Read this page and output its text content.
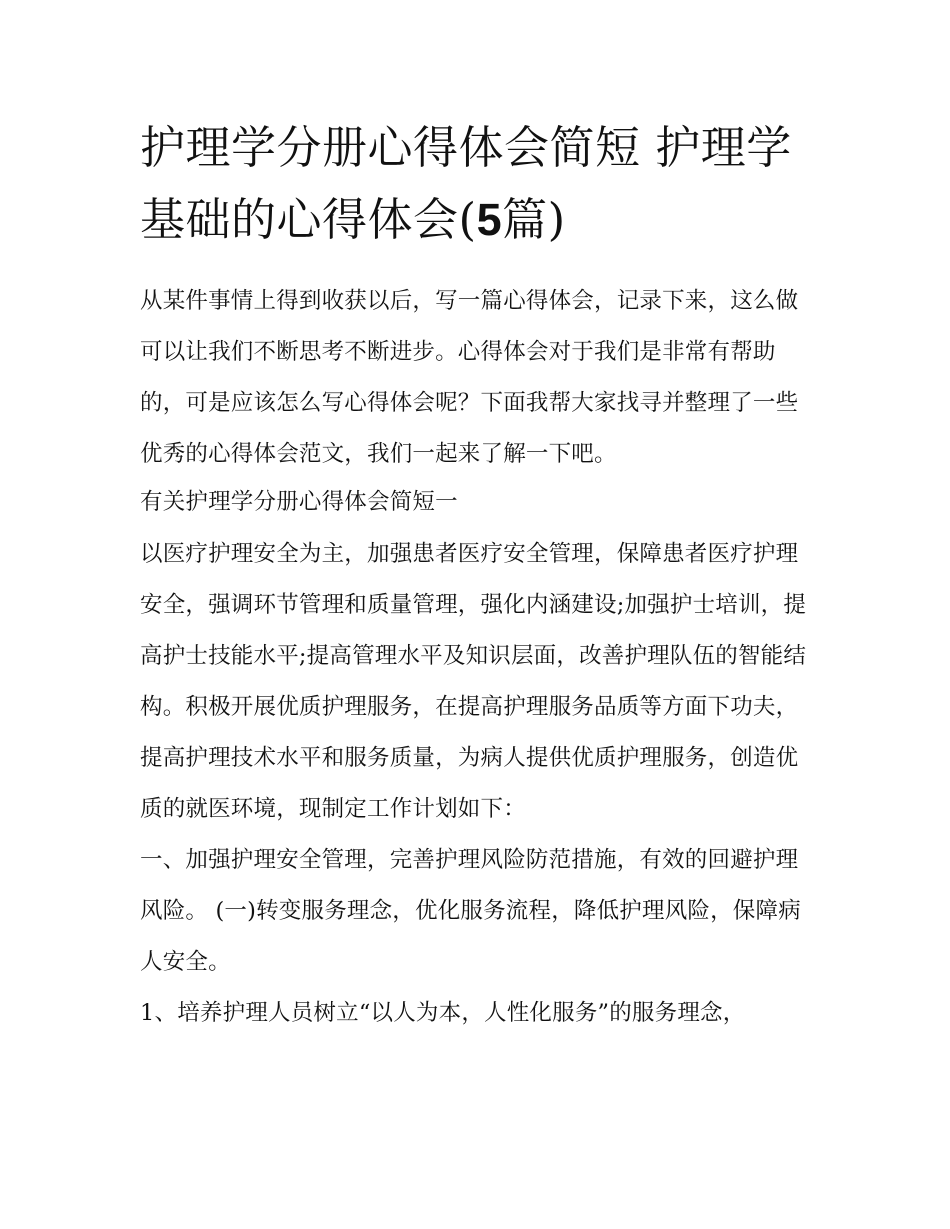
护理学分册心得体会简短 护理学基础的心得体会(5篇)

从某件事情上得到收获以后，写一篇心得体会，记录下来，这么做可以让我们不断思考不断进步。心得体会对于我们是非常有帮助的，可是应该怎么写心得体会呢？下面我帮大家找寻并整理了一些优秀的心得体会范文，我们一起来了解一下吧。

有关护理学分册心得体会简短一

以医疗护理安全为主，加强患者医疗安全管理，保障患者医疗护理安全，强调环节管理和质量管理，强化内涵建设;加强护士培训，提高护士技能水平;提高管理水平及知识层面，改善护理队伍的智能结构。积极开展优质护理服务，在提高护理服务品质等方面下功夫，提高护理技术水平和服务质量，为病人提供优质护理服务，创造优质的就医环境，现制定工作计划如下：

一、加强护理安全管理，完善护理风险防范措施，有效的回避护理风险。 (一)转变服务理念，优化服务流程，降低护理风险，保障病人安全。

1、培养护理人员树立“以人为本，人性化服务”的服务理念，
